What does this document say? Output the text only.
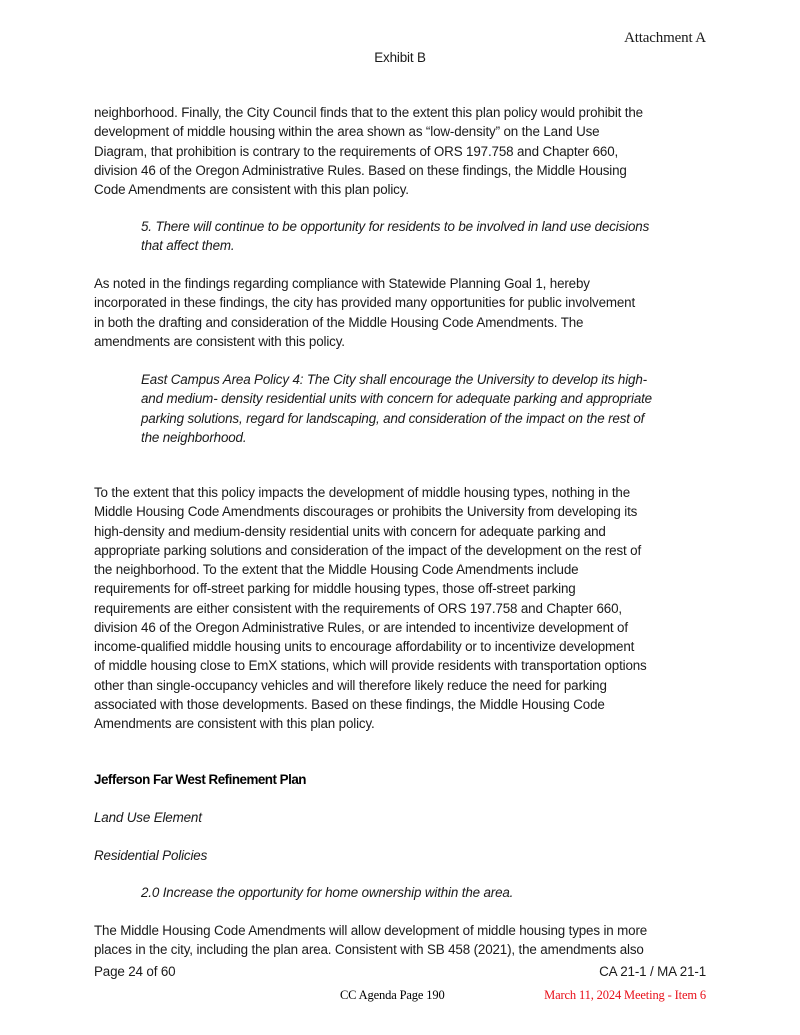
Attachment A
Exhibit B
neighborhood. Finally, the City Council finds that to the extent this plan policy would prohibit the
development of middle housing within the area shown as “low-density” on the Land Use
Diagram, that prohibition is contrary to the requirements of ORS 197.758 and Chapter 660,
division 46 of the Oregon Administrative Rules. Based on these findings, the Middle Housing
Code Amendments are consistent with this plan policy.
5. There will continue to be opportunity for residents to be involved in land use decisions
that affect them.
As noted in the findings regarding compliance with Statewide Planning Goal 1, hereby
incorporated in these findings, the city has provided many opportunities for public involvement
in both the drafting and consideration of the Middle Housing Code Amendments. The
amendments are consistent with this policy.
East Campus Area Policy 4: The City shall encourage the University to develop its high-
and medium- density residential units with concern for adequate parking and appropriate
parking solutions, regard for landscaping, and consideration of the impact on the rest of
the neighborhood.
To the extent that this policy impacts the development of middle housing types, nothing in the
Middle Housing Code Amendments discourages or prohibits the University from developing its
high-density and medium-density residential units with concern for adequate parking and
appropriate parking solutions and consideration of the impact of the development on the rest of
the neighborhood. To the extent that the Middle Housing Code Amendments include
requirements for off-street parking for middle housing types, those off-street parking
requirements are either consistent with the requirements of ORS 197.758 and Chapter 660,
division 46 of the Oregon Administrative Rules, or are intended to incentivize development of
income-qualified middle housing units to encourage affordability or to incentivize development
of middle housing close to EmX stations, which will provide residents with transportation options
other than single-occupancy vehicles and will therefore likely reduce the need for parking
associated with those developments. Based on these findings, the Middle Housing Code
Amendments are consistent with this plan policy.
Jefferson Far West Refinement Plan
Land Use Element
Residential Policies
2.0 Increase the opportunity for home ownership within the area.
The Middle Housing Code Amendments will allow development of middle housing types in more
places in the city, including the plan area. Consistent with SB 458 (2021), the amendments also
Page 24 of 60	CA 21-1 / MA 21-1
CC Agenda Page 190	March 11, 2024 Meeting - Item 6
